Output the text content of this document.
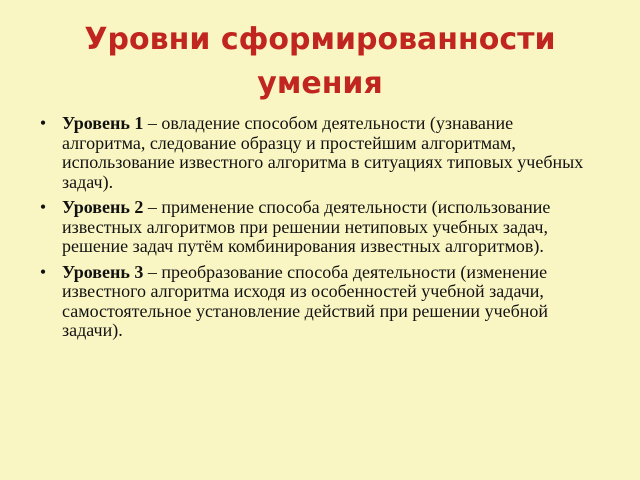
Уровни сформированности умения
• Уровень 1 – овладение способом деятельности (узнавание алгоритма, следование образцу и простейшим алгоритмам, использование известного алгоритма в ситуациях типовых учебных задач).
• Уровень 2 – применение способа деятельности (использование известных алгоритмов при решении нетиповых учебных задач, решение задач путём комбинирования известных алгоритмов).
• Уровень 3 – преобразование способа деятельности (изменение известного алгоритма исходя из особенностей учебной задачи, самостоятельное установление действий при решении учебной задачи).
